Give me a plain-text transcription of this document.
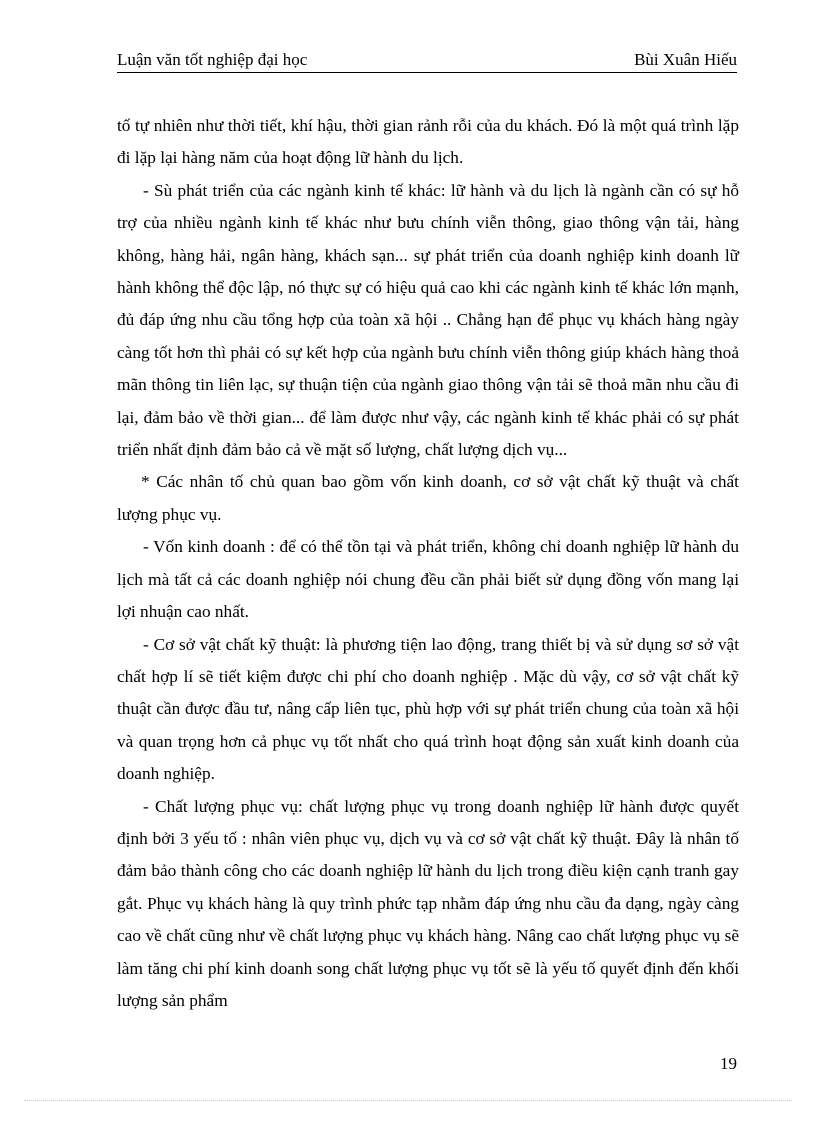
Luận văn tốt nghiệp đại học	Bùi Xuân Hiếu

tố tự nhiên như thời tiết, khí hậu, thời gian rảnh rỗi của du khách. Đó là một quá trình lặp đi lặp lại hàng năm của hoạt động lữ hành du lịch.

- Sù phát triển của các ngành kinh tế khác: lữ hành và du lịch là ngành cần có sự hỗ trợ của nhiều ngành kinh tế khác như bưu chính viễn thông, giao thông vận tải, hàng không, hàng hải, ngân hàng, khách sạn... sự phát triển của doanh nghiệp kinh doanh lữ hành không thể độc lập, nó thực sự có hiệu quả cao khi các ngành kinh tế khác lớn mạnh, đủ đáp ứng nhu cầu tổng hợp của toàn xã hội .. Chẳng hạn để phục vụ khách hàng ngày càng tốt hơn thì phải có sự kết hợp của ngành bưu chính viễn thông giúp khách hàng thoả mãn thông tin liên lạc, sự thuận tiện của ngành giao thông vận tải sẽ thoả mãn nhu cầu đi lại, đảm bảo về thời gian... để làm được như vậy, các ngành kinh tế khác phải có sự phát triển nhất định đảm bảo cả về mặt số lượng, chất lượng dịch vụ...

* Các nhân tố chủ quan bao gồm vốn kinh doanh, cơ sở vật chất kỹ thuật và chất lượng phục vụ.

- Vốn kinh doanh : để có thể tồn tại và phát triển, không chỉ doanh nghiệp lữ hành du lịch mà tất cả các doanh nghiệp nói chung đều cần phải biết sử dụng đồng vốn mang lại lợi nhuận cao nhất.

- Cơ sở vật chất kỹ thuật: là phương tiện lao động, trang thiết bị và sử dụng sơ sở vật chất hợp lí sẽ tiết kiệm được chi phí cho doanh nghiệp . Mặc dù vậy, cơ sở vật chất kỹ thuật cần được đầu tư, nâng cấp liên tục, phù hợp với sự phát triển chung của toàn xã hội và quan trọng hơn cả phục vụ tốt nhất cho quá trình hoạt động sản xuất kinh doanh của doanh nghiệp.

- Chất lượng phục vụ: chất lượng phục vụ trong doanh nghiệp lữ hành được quyết định bởi 3 yếu tố : nhân viên phục vụ, dịch vụ và cơ sở vật chất kỹ thuật. Đây là nhân tố đảm bảo thành công cho các doanh nghiệp lữ hành du lịch trong điều kiện cạnh tranh gay gắt. Phục vụ khách hàng là quy trình phức tạp nhằm đáp ứng nhu cầu đa dạng, ngày càng cao về chất cũng như về chất lượng phục vụ khách hàng. Nâng cao chất lượng phục vụ sẽ làm tăng chi phí kinh doanh song chất lượng phục vụ tốt sẽ là yếu tố quyết định đến khối lượng sản phẩm

19
